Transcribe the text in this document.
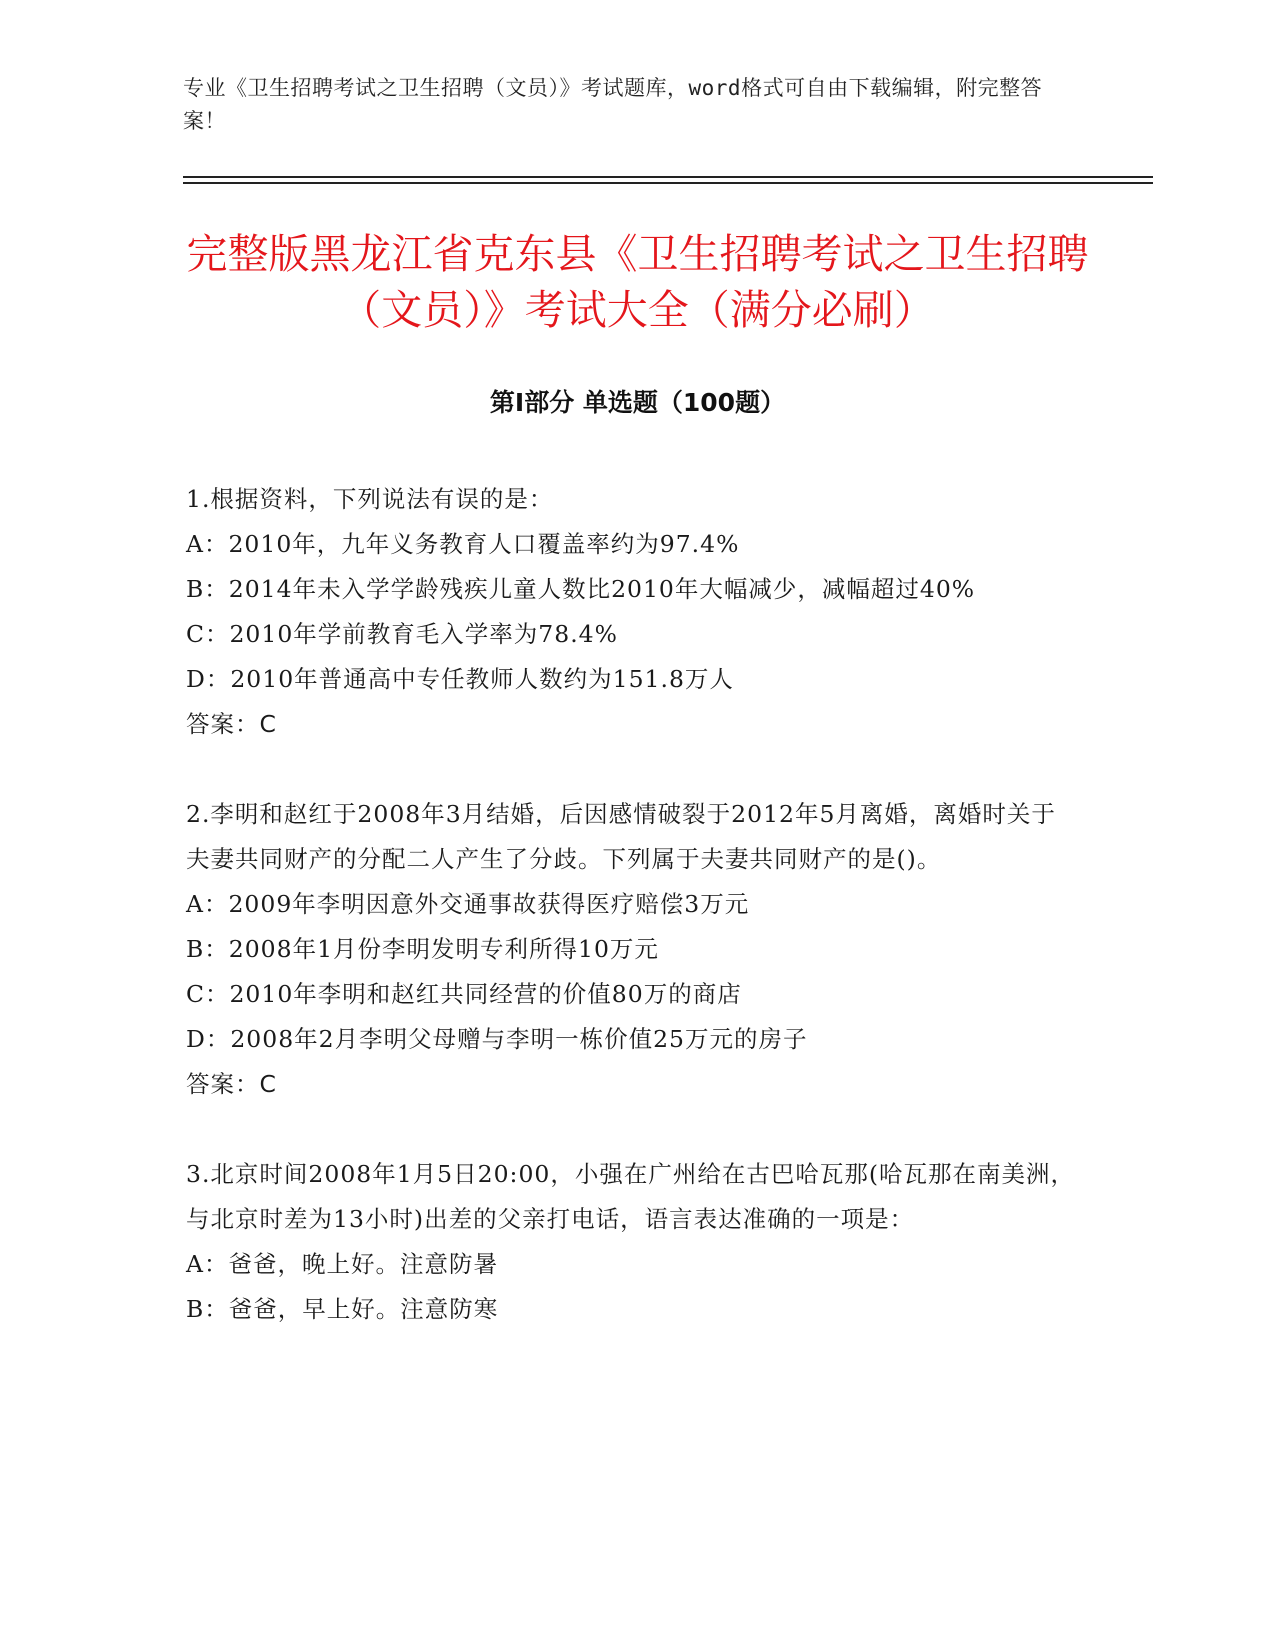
专业《卫生招聘考试之卫生招聘（文员）》考试题库，word格式可自由下载编辑，附完整答案！
完整版黑龙江省克东县《卫生招聘考试之卫生招聘（文员）》考试大全（满分必刷）
第I部分 单选题（100题）

1.根据资料，下列说法有误的是：

A：2010年，九年义务教育人口覆盖率约为97.4%

B：2014年未入学学龄残疾儿童人数比2010年大幅减少，减幅超过40%

C：2010年学前教育毛入学率为78.4%

D：2010年普通高中专任教师人数约为151.8万人

答案：C

2.李明和赵红于2008年3月结婚，后因感情破裂于2012年5月离婚，离婚时关于夫妻共同财产的分配二人产生了分歧。下列属于夫妻共同财产的是()。

A：2009年李明因意外交通事故获得医疗赔偿3万元

B：2008年1月份李明发明专利所得10万元

C：2010年李明和赵红共同经营的价值80万的商店

D：2008年2月李明父母赠与李明一栋价值25万元的房子

答案：C

3.北京时间2008年1月5日20:00，小强在广州给在古巴哈瓦那(哈瓦那在南美洲，与北京时差为13小时)出差的父亲打电话，语言表达准确的一项是：

A：爸爸，晚上好。注意防暑

B：爸爸，早上好。注意防寒
